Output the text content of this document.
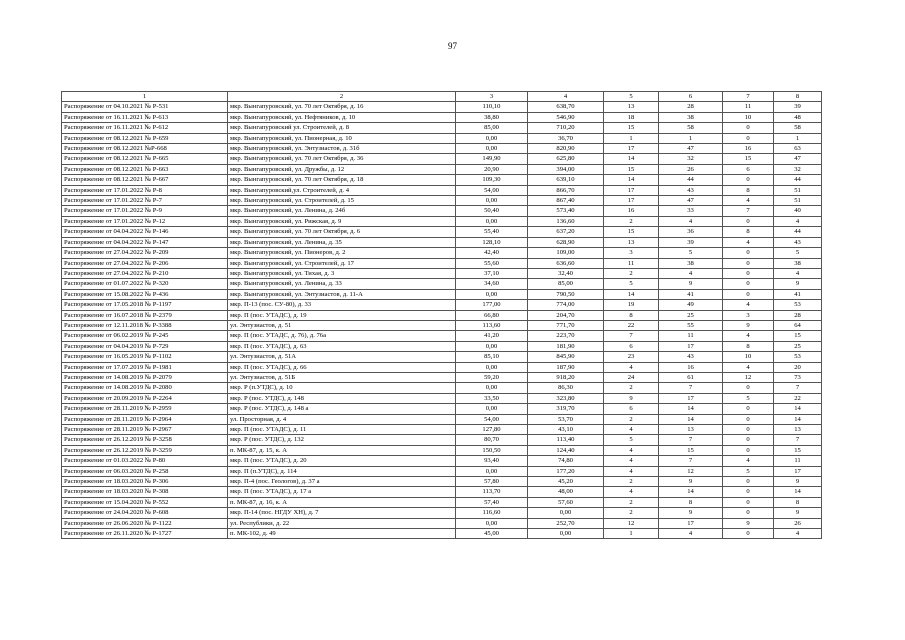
97
1	2	3	4	5	6	7	8
Распоряжение от 04.10.2021 № Р-531	мкр. Вынгапуровский, ул. 70 лет Октября, д. 16	110,10	638,70	13	28	11	39
Распоряжение от 16.11.2021 № Р-613	мкр. Вынгапуровский, ул. Нефтяников, д. 10	38,80	546,90	18	38	10	48
Распоряжение от 16.11.2021 № Р-612	мкр. Вынгапуровский ул. Строителей, д. 8	85,00	710,20	15	58	0	58
Распоряжение от 08.12.2021 № Р-659	мкр. Вынгапуровский, ул. Пионерная, д. 10	0,00	36,70	1	1	0	1
Распоряжение от 08.12.2021 №Р-668	мкр. Вынгапуровский, ул. Энтузиастов, д. 31б	0,00	820,90	17	47	16	63
Распоряжение от 08.12.2021 № Р-665	мкр. Вынгапуровский, ул. 70 лет Октября, д. 36	149,90	625,80	14	32	15	47
Распоряжение от 08.12.2021 № Р-663	мкр. Вынгапуровский, ул. Дружбы, д. 12	20,90	394,00	15	26	6	32
Распоряжение от 08.12.2021 № Р-667	мкр. Вынгапуровский, ул. 70 лет Октября, д. 18	109,30	639,10	14	44	0	44
Распоряжение от 17.01.2022 № Р-8	мкр. Вынгапуровский,ул. Строителей, д. 4	54,00	866,70	17	43	8	51
Распоряжение от 17.01.2022 № Р-7	мкр. Вынгапуровский, ул. Строителей, д. 15	0,00	867,40	17	47	4	51
Распоряжение от 17.01.2022 № Р-9	мкр. Вынгапуровский, ул. Ленина, д. 24б	50,40	573,40	16	33	7	40
Распоряжение от 17.01.2022 № Р-12	мкр. Вынгапуровский, ул. Рижская, д. 9	0,00	136,60	2	4	0	4
Распоряжение от 04.04.2022 № Р-146	мкр. Вынгапуровский, ул. 70 лет Октября, д. 6	55,40	637,20	15	36	8	44
Распоряжение от 04.04.2022 № Р-147	мкр. Вынгапуровский, ул. Ленина, д. 35	128,10	628,90	13	39	4	43
Распоряжение от 27.04.2022 № Р-209	мкр. Вынгапуровский, ул. Пионеров, д. 2	42,40	109,00	3	5	0	5
Распоряжение от 27.04.2022 № Р-206	мкр. Вынгапуровский, ул. Строителей, д. 17	55,60	636,60	11	38	0	38
Распоряжение от 27.04.2022 № Р-210	мкр. Вынгапуровский, ул. Тихая, д. 3	37,10	32,40	2	4	0	4
Распоряжение от 01.07.2022 № Р-320	мкр. Вынгапуровский, ул. Ленина, д. 33	34,60	85,00	5	9	0	9
Распоряжение от 15.08.2022 № Р-436	мкр. Вынгапуровский, ул. Энтузиастов, д. 11-А	0,00	790,50	14	41	0	41
Распоряжение от 17.05.2018 № Р-1197	мкр. П-13 (пос. СУ-80), д. 33	177,00	774,00	19	49	4	53
Распоряжение от 16.07.2018 № Р-2379	мкр. П (пос. УТАДС), д. 19	66,80	204,70	8	25	3	28
Распоряжение от 12.11.2018 № Р-3388	ул. Энтузиастов, д. 51	113,60	771,70	22	55	9	64
Распоряжение от 06.02.2019 № Р-245	мкр. П (пос. УТАДС, д. 76), д. 76а	41,20	223,70	7	11	4	15
Распоряжение от 04.04.2019 № Р-729	мкр. П (пос. УТАДС), д. 63	0,00	181,90	6	17	8	25
Распоряжение от 16.05.2019 № Р-1102	ул. Энтузиастов, д. 51А	85,10	845,90	23	43	10	53
Распоряжение от 17.07.2019 № Р-1981	мкр. П (пос. УТАДС), д. 66	0,00	187,90	4	16	4	20
Распоряжение от 14.08.2019 № Р-2079	ул. Энтузиастов, д. 51Б	59,20	918,20	24	61	12	73
Распоряжение от 14.08.2019 № Р-2080	мкр. Р (п.УТДС), д. 10	0,00	86,30	2	7	0	7
Распоряжение от 20.09.2019 № Р-2264	мкр. Р (пос. УТДС), д. 148	33,50	323,80	9	17	5	22
Распоряжение от 28.11.2019 № Р-2959	мкр. Р (пос. УТДС), д. 148 а	0,00	319,70	6	14	0	14
Распоряжение от 28.11.2019 № Р-2964	ул. Просторная, д. 4	54,00	53,70	2	14	0	14
Распоряжение от 28.11.2019 № Р-2967	мкр. П (пос. УТАДС), д. 11	127,80	43,10	4	13	0	13
Распоряжение от 26.12.2019 № Р-3258	мкр. Р (пос. УТДС), д. 132	80,70	113,40	5	7	0	7
Распоряжение от 26.12.2019 № Р-3259	п. МК-87, д. 15, к. А	150,50	124,40	4	15	0	15
Распоряжение от 01.03.2022 № Р-80	мкр. П (пос. УТАДС), д. 20	93,40	74,80	4	7	4	11
Распоряжение от 06.03.2020 № Р-258	мкр. П (п.УТДС), д. 114	0,00	177,20	4	12	5	17
Распоряжение от 18.03.2020 № Р-306	мкр. П-4 (пос. Геологов), д. 37 а	57,80	45,20	2	9	0	9
Распоряжение от 18.03.2020 № Р-308	мкр. П (пос. УТАДС), д. 17 а	113,70	48,00	4	14	0	14
Распоряжение от 15.04.2020 № Р-552	п. МК-87, д. 16, к. А	57,40	57,60	2	8	0	8
Распоряжение от 24.04.2020 № Р-608	мкр. П-14 (пос. НГДУ ХН), д. 7	116,60	0,00	2	9	0	9
Распоряжение от 26.06.2020 № Р-1122	ул. Республики, д. 22	0,00	252,70	12	17	9	26
Распоряжение от 26.11.2020 № Р-1727	п. МК-102, д. 49	45,00	0,00	1	4	0	4
